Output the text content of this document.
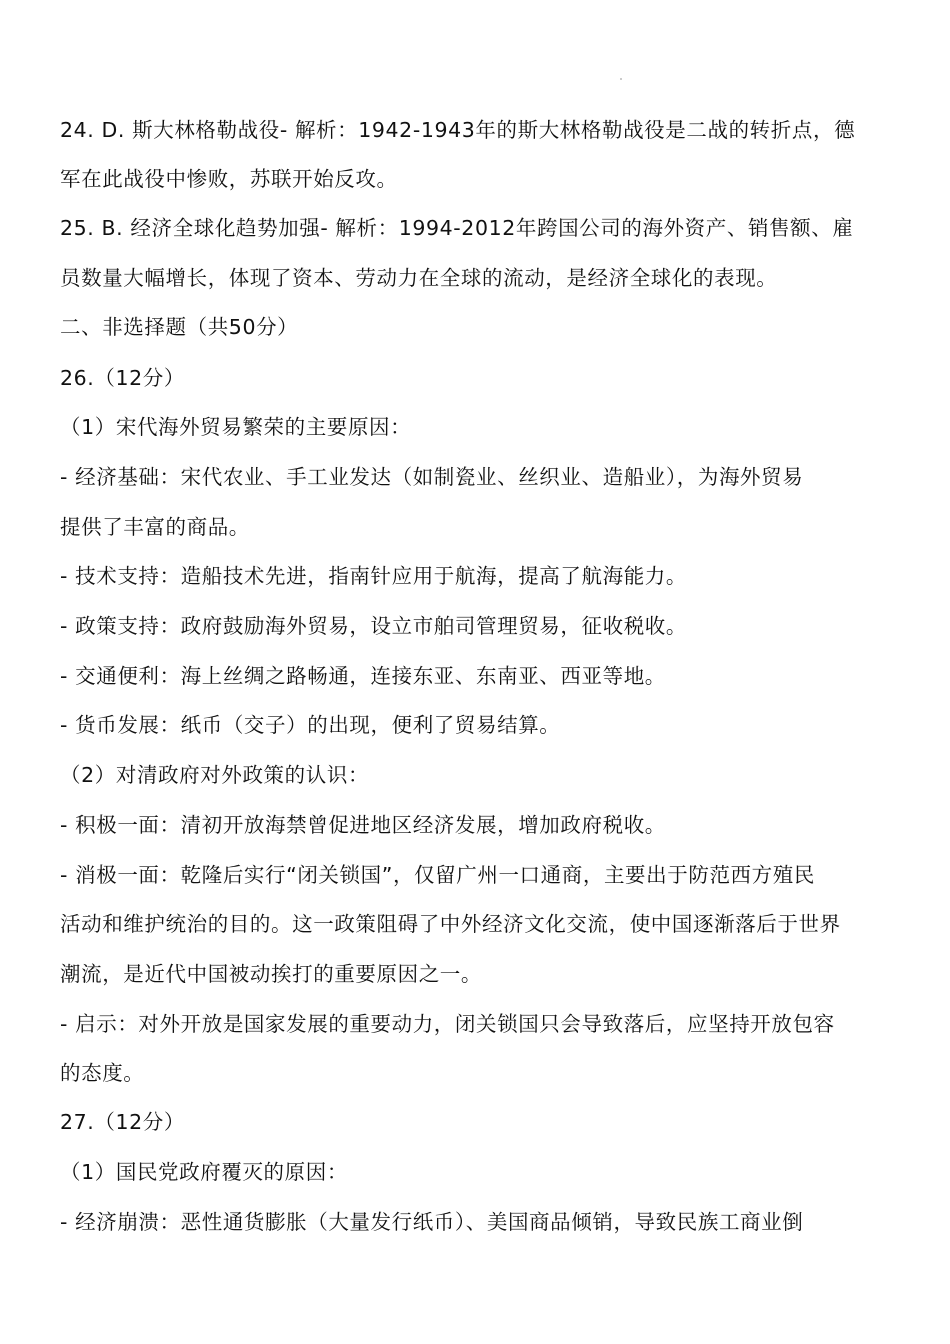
24. D. 斯大林格勒战役- 解析：1942-1943年的斯大林格勒战役是二战的转折点，德
军在此战役中惨败，苏联开始反攻。
25. B. 经济全球化趋势加强- 解析：1994-2012年跨国公司的海外资产、销售额、雇
员数量大幅增长，体现了资本、劳动力在全球的流动，是经济全球化的表现。
二、非选择题（共50分）
26.（12分）
（1）宋代海外贸易繁荣的主要原因：
- 经济基础：宋代农业、手工业发达（如制瓷业、丝织业、造船业），为海外贸易
提供了丰富的商品。
- 技术支持：造船技术先进，指南针应用于航海，提高了航海能力。
- 政策支持：政府鼓励海外贸易，设立市舶司管理贸易，征收税收。
- 交通便利：海上丝绸之路畅通，连接东亚、东南亚、西亚等地。
- 货币发展：纸币（交子）的出现，便利了贸易结算。
（2）对清政府对外政策的认识：
- 积极一面：清初开放海禁曾促进地区经济发展，增加政府税收。
- 消极一面：乾隆后实行“闭关锁国”，仅留广州一口通商，主要出于防范西方殖民
活动和维护统治的目的。这一政策阻碍了中外经济文化交流，使中国逐渐落后于世界
潮流，是近代中国被动挨打的重要原因之一。
- 启示：对外开放是国家发展的重要动力，闭关锁国只会导致落后，应坚持开放包容
的态度。
27.（12分）
（1）国民党政府覆灭的原因：
- 经济崩溃：恶性通货膨胀（大量发行纸币）、美国商品倾销，导致民族工商业倒
